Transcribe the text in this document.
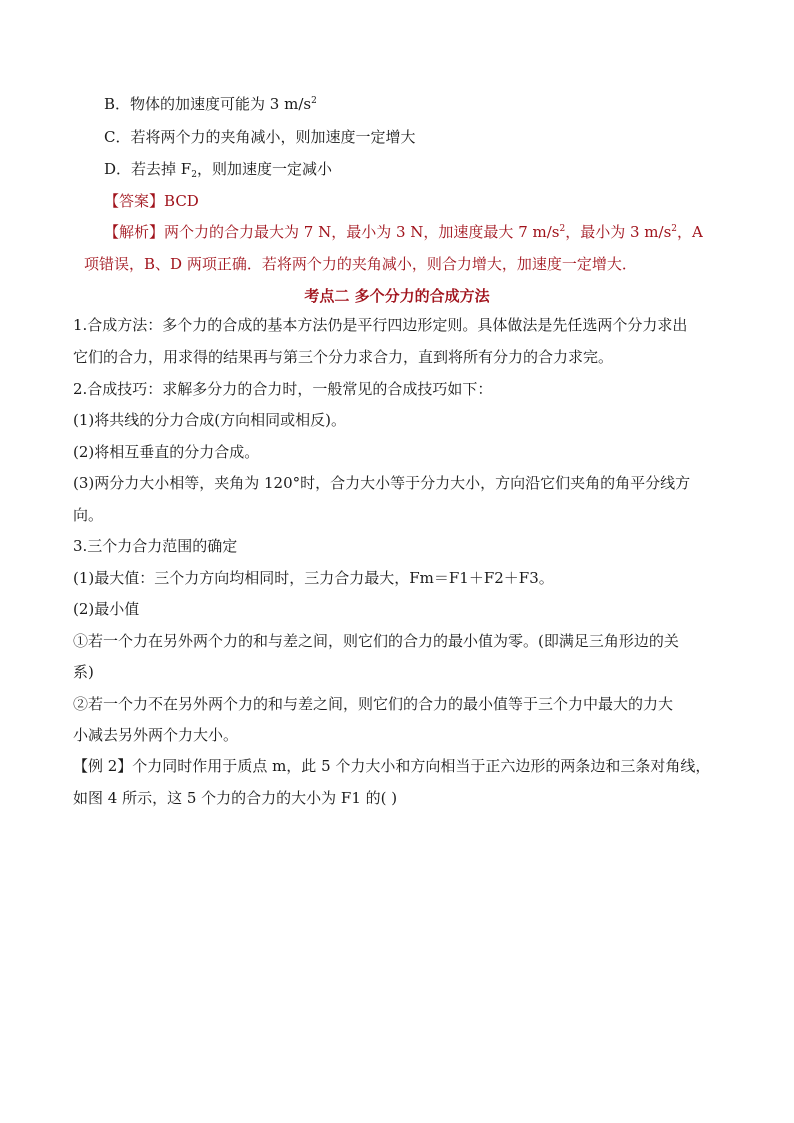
B．物体的加速度可能为 3 $m/s^2$
C．若将两个力的夹角减小，则加速度一定增大
D．若去掉 $F_2$，则加速度一定减小
【答案】BCD
【解析】两个力的合力最大为 7 N，最小为 3 N，加速度最大 7 $m/s^2$，最小为 3 $m/s^2$，A
项错误，B、D 两项正确．若将两个力的夹角减小，则合力增大，加速度一定增大．
考点二 多个分力的合成方法
1.合成方法：多个力的合成的基本方法仍是平行四边形定则。具体做法是先任选两个分力求出
它们的合力，用求得的结果再与第三个分力求合力，直到将所有分力的合力求完。
2.合成技巧：求解多分力的合力时，一般常见的合成技巧如下：
(1)将共线的分力合成(方向相同或相反)。
(2)将相互垂直的分力合成。
(3)两分力大小相等，夹角为 120°时，合力大小等于分力大小，方向沿它们夹角的角平分线方
向。
3.三个力合力范围的确定
(1)最大值：三个力方向均相同时，三力合力最大，Fm＝F1＋F2＋F3。
(2)最小值
①若一个力在另外两个力的和与差之间，则它们的合力的最小值为零。(即满足三角形边的关
系)
②若一个力不在另外两个力的和与差之间，则它们的合力的最小值等于三个力中最大的力大
小减去另外两个力大小。
【例 2】个力同时作用于质点 m，此 5 个力大小和方向相当于正六边形的两条边和三条对角线，
如图 4 所示，这 5 个力的合力的大小为 F1 的( )
